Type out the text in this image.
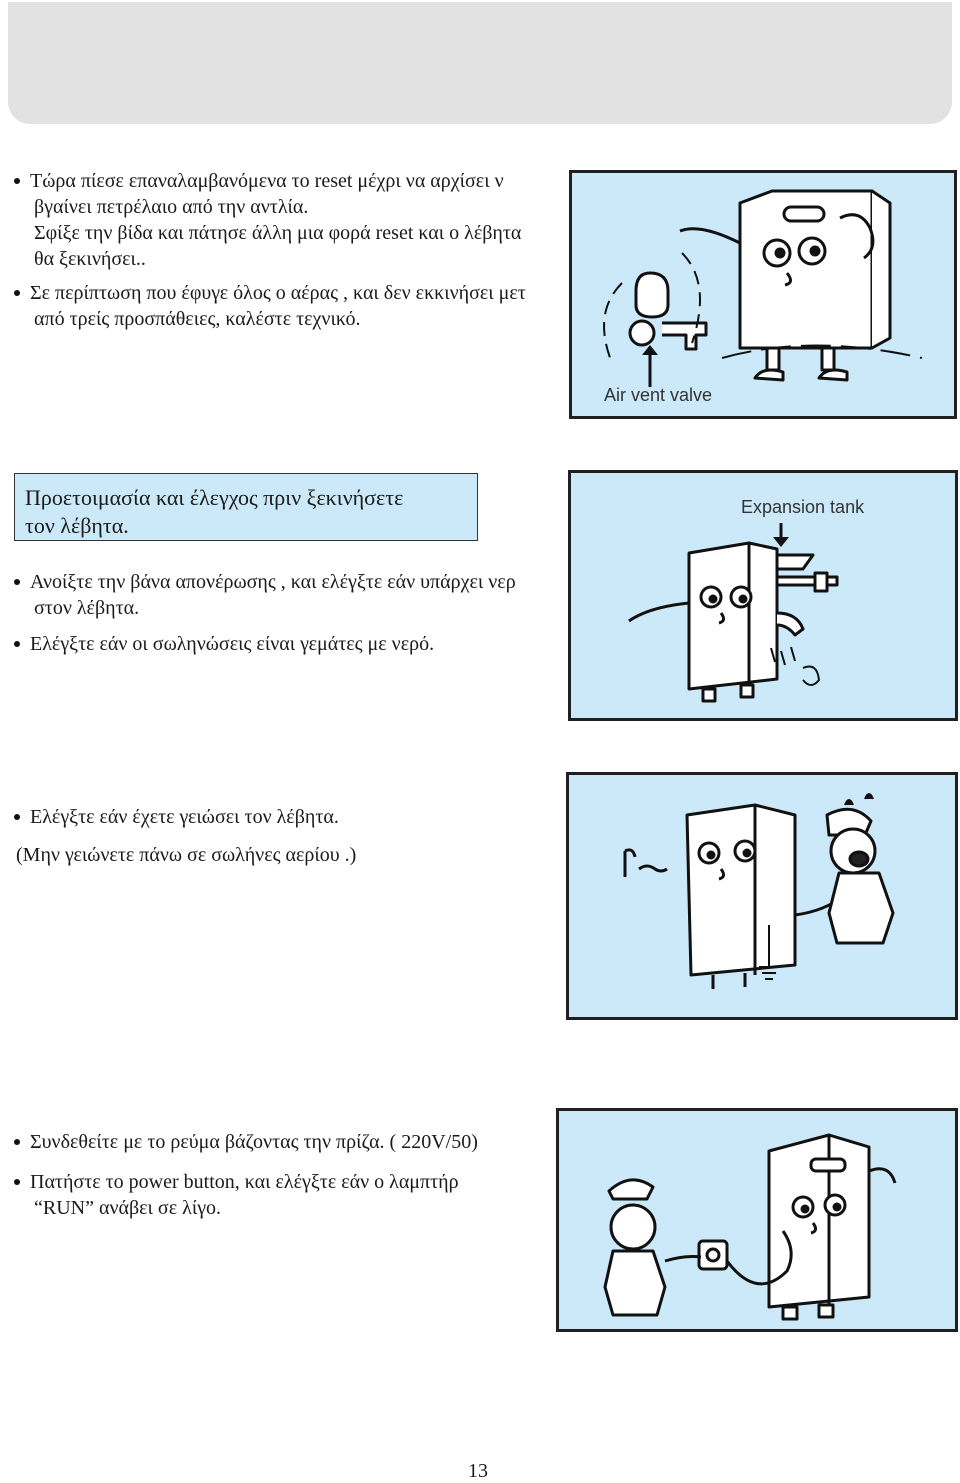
Τώρα πίεσε επαναλαμβανόμενα το reset μέχρι να αρχίσει ν

βγαίνει πετρέλαιο από την αντλία.

Σφίξε την βίδα και πάτησε άλλη μια φορά reset και ο λέβητα

θα ξεκινήσει..

Σε περίπτωση που έφυγε όλος ο αέρας , και δεν εκκινήσει μετ

από τρείς προσπάθειες, καλέστε τεχνικό.

Air vent valve
Προετοιμασία και έλεγχος πριν ξεκινήσετε
τον λέβητα.

Ανοίξτε την βάνα απονέρωσης , και ελέγξτε εάν υπάρχει νερ

στον λέβητα.

Ελέγξτε εάν οι σωληνώσεις είναι γεμάτες με νερό.

Expansion tank

Ελέγξτε εάν έχετε γειώσει τον λέβητα.

(Μην γειώνετε πάνω σε σωλήνες αερίου .)

Συνδεθείτε με το ρεύμα βάζοντας την πρίζα. ( 220V/50)

Πατήστε το power button, και ελέγξτε εάν ο λαμπτήρ

“RUN” ανάβει σε λίγο.

13
